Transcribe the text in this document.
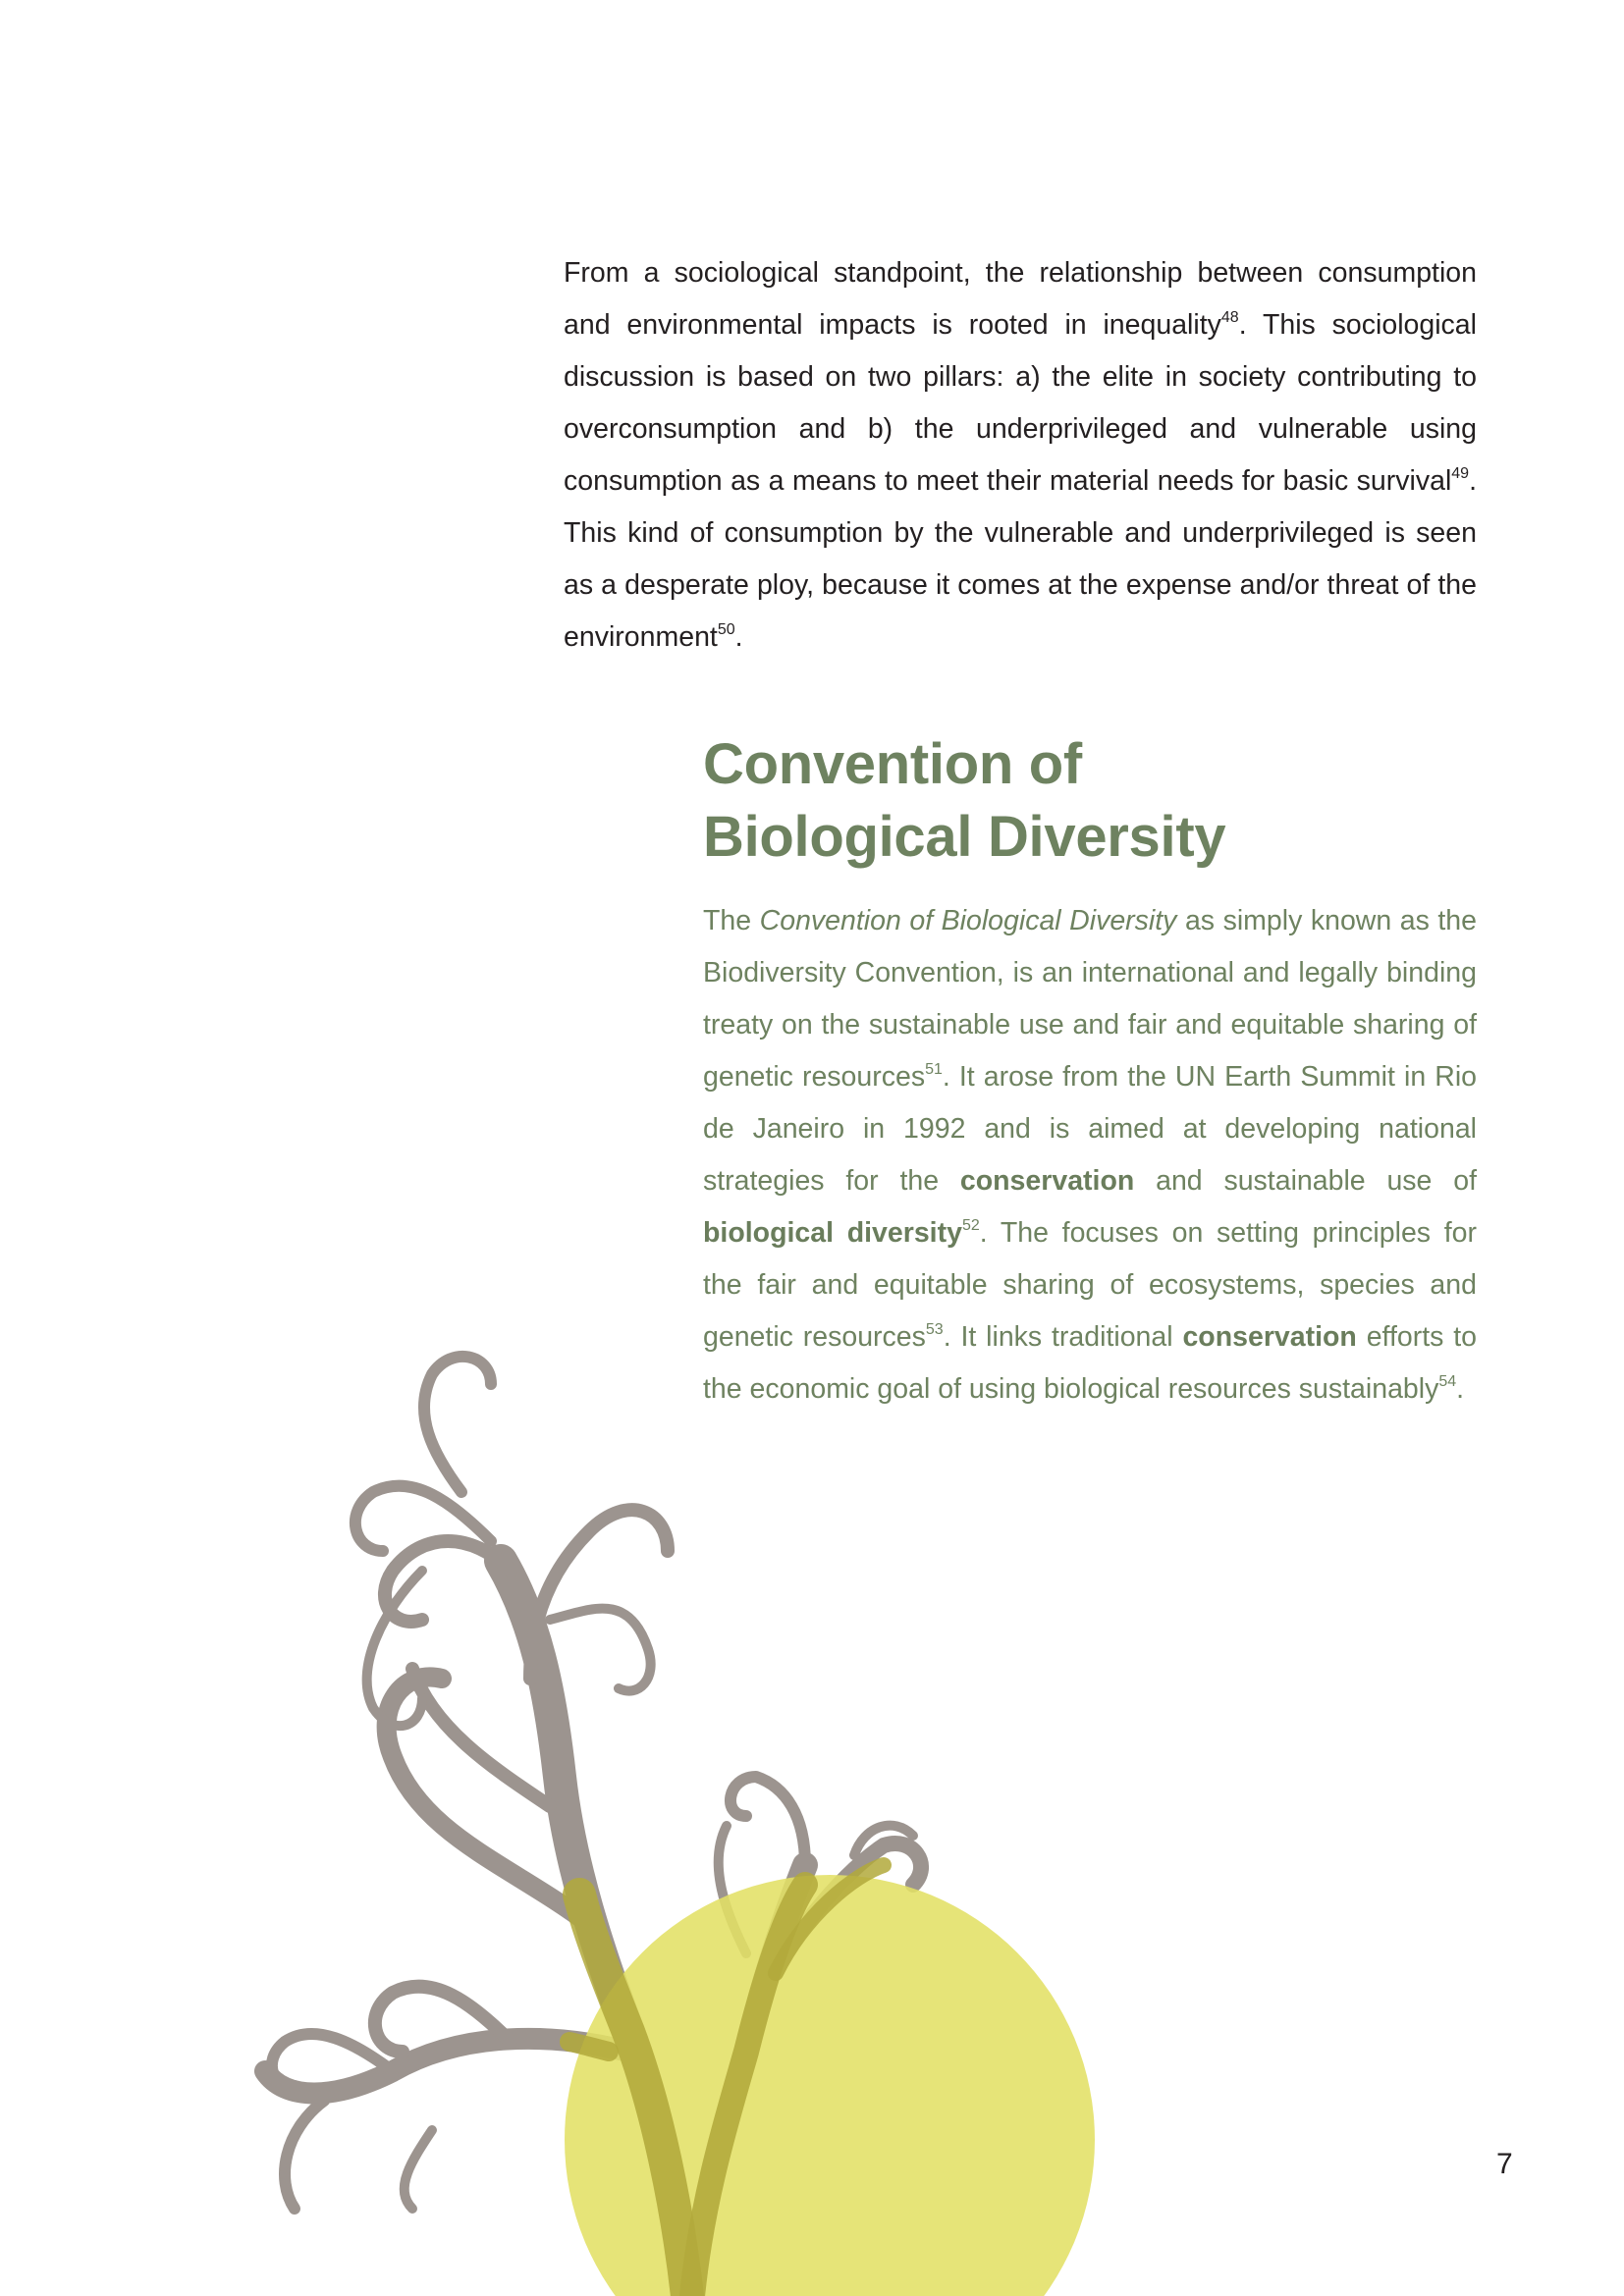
From a sociological standpoint, the relationship between consumption and environmental impacts is rooted in inequality$^{48}$. This sociological discussion is based on two pillars: a) the elite in society contributing to overconsumption and b) the underprivileged and vulnerable using consumption as a means to meet their material needs for basic survival$^{49}$. This kind of consumption by the vulnerable and underprivileged is seen as a desperate ploy, because it comes at the expense and/or threat of the environment$^{50}$.

Convention of
Biological Diversity

The Convention of Biological Diversity as simply known as the Biodiversity Convention, is an international and legally binding treaty on the sustainable use and fair and equitable sharing of genetic resources$^{51}$. It arose from the UN Earth Summit in Rio de Janeiro in 1992 and is aimed at developing national strategies for the conservation and sustainable use of biological diversity$^{52}$. The focuses on setting principles for the fair and equitable sharing of ecosystems, species and genetic resources$^{53}$. It links traditional conservation efforts to the economic goal of using biological resources sustainably$^{54}$.

7
